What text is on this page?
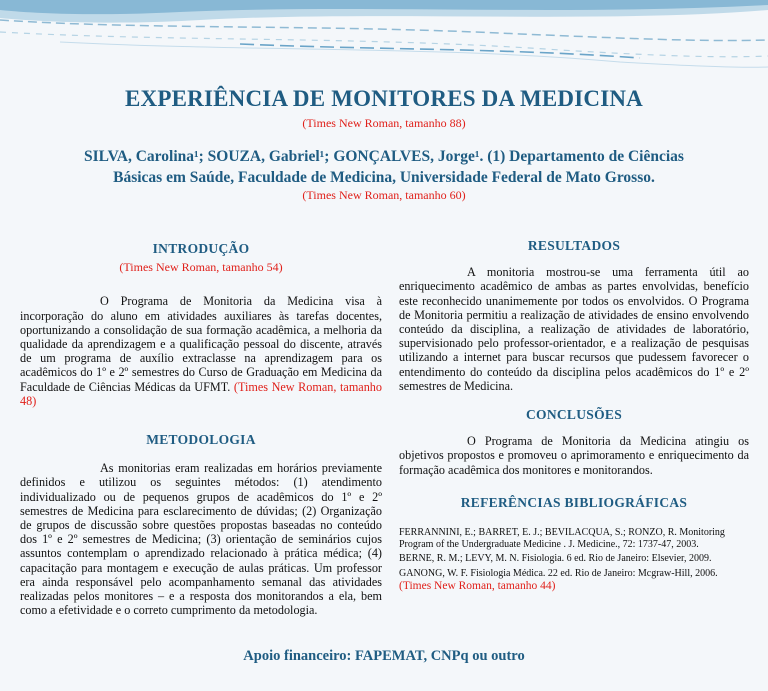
EXPERIÊNCIA DE MONITORES DA MEDICINA
(Times New Roman, tamanho 88)
SILVA, Carolina¹; SOUZA, Gabriel¹; GONÇALVES, Jorge¹. (1) Departamento de Ciências
Básicas em Saúde, Faculdade de Medicina, Universidade Federal de Mato Grosso.
(Times New Roman, tamanho 60)
INTRODUÇÃO
(Times New Roman, tamanho 54)
O Programa de Monitoria da Medicina visa à incorporação do aluno em atividades auxiliares às tarefas docentes, oportunizando a consolidação de sua formação acadêmica, a melhoria da qualidade da aprendizagem e a qualificação pessoal do discente, através de um programa de auxílio extraclasse na aprendizagem para os acadêmicos do 1º e 2º semestres do Curso de Graduação em Medicina da Faculdade de Ciências Médicas da UFMT. (Times New Roman, tamanho 48)
METODOLOGIA
As monitorias eram realizadas em horários previamente definidos e utilizou os seguintes métodos: (1) atendimento individualizado ou de pequenos grupos de acadêmicos do 1º e 2º semestres de Medicina para esclarecimento de dúvidas; (2) Organização de grupos de discussão sobre questões propostas baseadas no conteúdo dos 1º e 2º semestres de Medicina; (3) orientação de seminários cujos assuntos contemplam o aprendizado relacionado à prática médica; (4) capacitação para montagem e execução de aulas práticas. Um professor era ainda responsável pelo acompanhamento semanal das atividades realizadas pelos monitores – e a resposta dos monitorandos a ela, bem como a efetividade e o correto cumprimento da metodologia.
RESULTADOS
A monitoria mostrou-se uma ferramenta útil ao enriquecimento acadêmico de ambas as partes envolvidas, benefício este reconhecido unanimemente por todos os envolvidos. O Programa de Monitoria permitiu a realização de atividades de ensino envolvendo conteúdo da disciplina, a realização de atividades de laboratório, supervisionado pelo professor-orientador, e a realização de pesquisas utilizando a internet para buscar recursos que pudessem favorecer o entendimento do conteúdo da disciplina pelos acadêmicos do 1º e 2º semestres de Medicina.
CONCLUSÕES
O Programa de Monitoria da Medicina atingiu os objetivos propostos e promoveu o aprimoramento e enriquecimento da formação acadêmica dos monitores e monitorandos.
REFERÊNCIAS BIBLIOGRÁFICAS
FERRANNINI, E.; BARRET, E. J.; BEVILACQUA, S.; RONZO, R. Monitoring Program of the Undergraduate Medicine . J. Medicine., 72: 1737-47, 2003.
BERNE, R. M.; LEVY, M. N. Fisiologia. 6 ed. Rio de Janeiro: Elsevier, 2009.
GANONG, W. F. Fisiologia Médica. 22 ed. Rio de Janeiro: Mcgraw-Hill, 2006.
(Times New Roman, tamanho 44)
Apoio financeiro: FAPEMAT, CNPq ou outro
